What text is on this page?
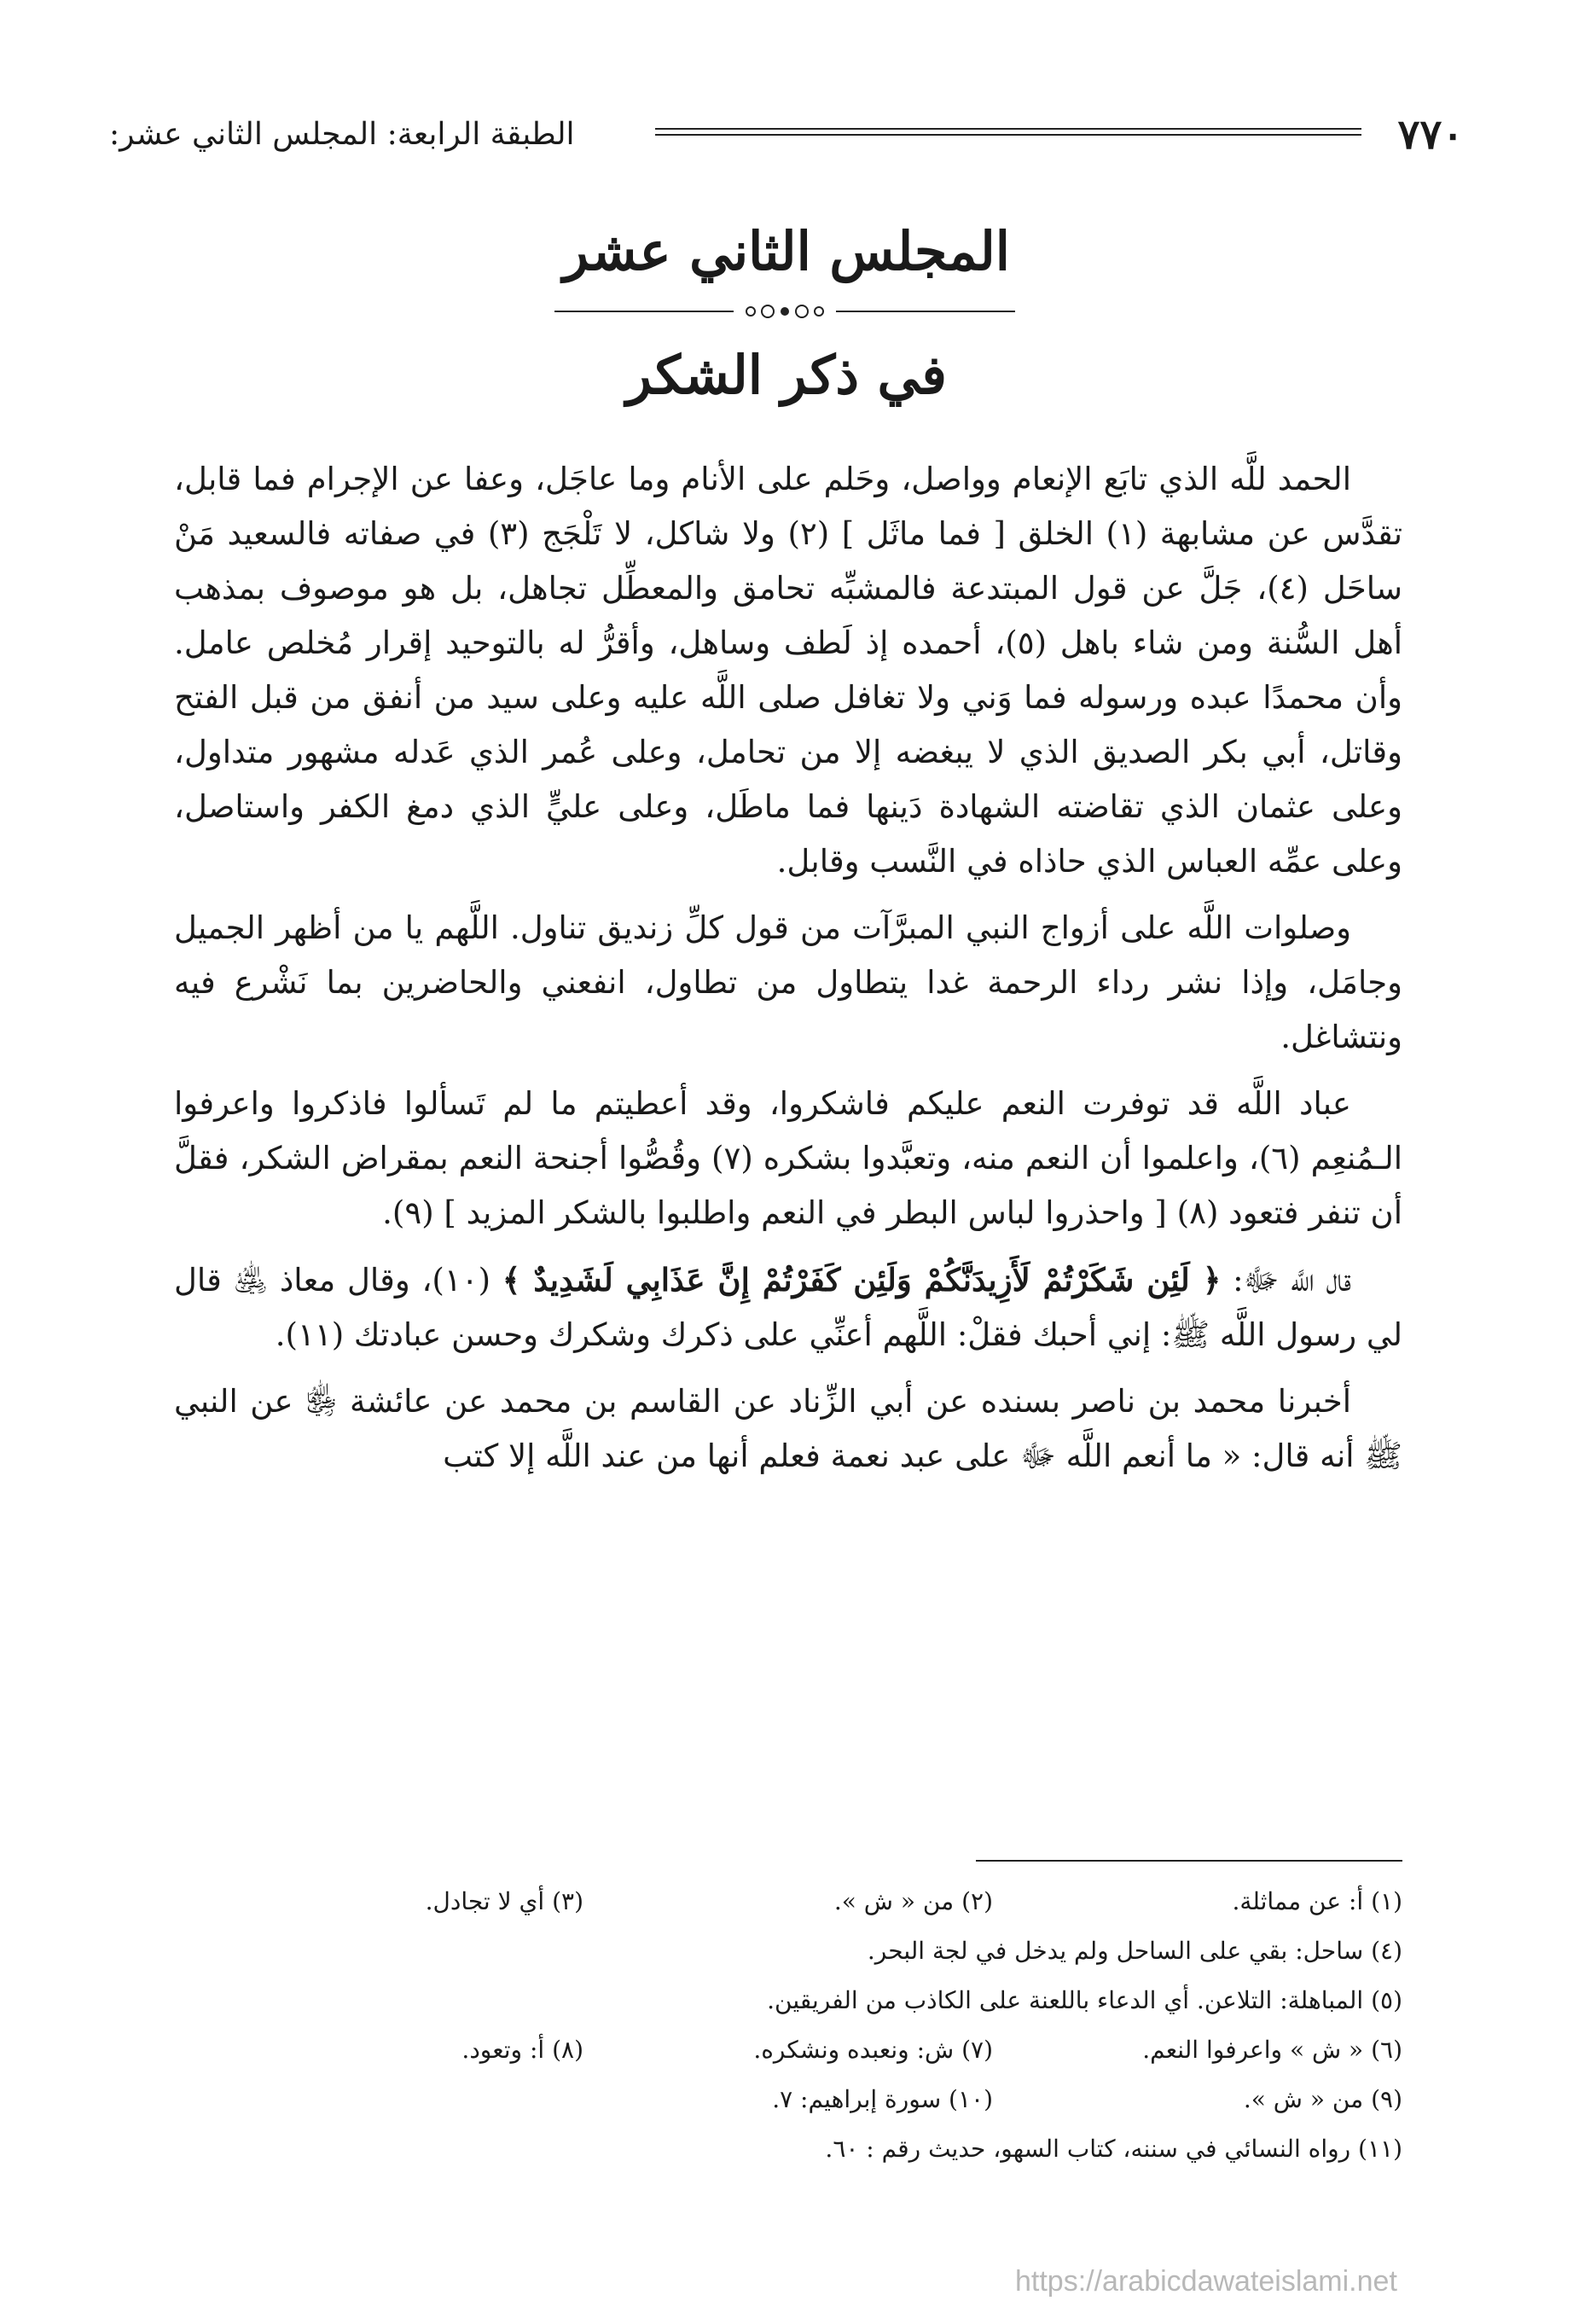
٧٧٠
الطبقة الرابعة: المجلس الثاني عشر:
المجلس الثاني عشر
في ذكر الشكر

الحمد للَّه الذي تابَع الإنعام وواصل، وحَلم على الأنام وما عاجَل، وعفا عن الإجرام فما قابل، تقدَّس عن مشابهة (١) الخلق [ فما ماثَل ] (٢) ولا شاكل، لا تَلْجَج (٣) في صفاته فالسعيد مَنْ ساحَل (٤)، جَلَّ عن قول المبتدعة فالمشبِّه تحامق والمعطِّل تجاهل، بل هو موصوف بمذهب أهل السُّنة ومن شاء باهل (٥)، أحمده إذ لَطف وساهل، وأقرُّ له بالتوحيد إقرار مُخلص عامل. وأن محمدًا عبده ورسوله فما وَني ولا تغافل صلى اللَّه عليه وعلى سيد من أنفق من قبل الفتح وقاتل، أبي بكر الصديق الذي لا يبغضه إلا من تحامل، وعلى عُمر الذي عَدله مشهور متداول، وعلى عثمان الذي تقاضته الشهادة دَينها فما ماطَل، وعلى عليٍّ الذي دمغ الكفر واستاصل، وعلى عمِّه العباس الذي حاذاه في النَّسب وقابل.

وصلوات اللَّه على أزواج النبي المبرَّآت من قول كلِّ زنديق تناول. اللَّهم يا من أظهر الجميل وجامَل، وإذا نشر رداء الرحمة غدا يتطاول من تطاول، انفعني والحاضرين بما نَشْرع فيه ونتشاغل.

عباد اللَّه قد توفرت النعم عليكم فاشكروا، وقد أعطيتم ما لم تَسألوا فاذكروا واعرفوا الـمُنعِم (٦)، واعلموا أن النعم منه، وتعبَّدوا بشكره (٧) وقُصُّوا أجنحة النعم بمقراض الشكر، فقلَّ أن تنفر فتعود (٨) [ واحذروا لباس البطر في النعم واطلبوا بالشكر المزيد ] (٩).

قال اللَّه ﷻ: ﴿ لَئِن شَكَرْتُمْ لَأَزِيدَنَّكُمْ وَلَئِن كَفَرْتُمْ إِنَّ عَذَابِي لَشَدِيدٌ ﴾ (١٠)، وقال معاذ ﵁ قال لي رسول اللَّه ﷺ: إني أحبك فقلْ: اللَّهم أعنِّي على ذكرك وشكرك وحسن عبادتك (١١).

أخبرنا محمد بن ناصر بسنده عن أبي الزِّناد عن القاسم بن محمد عن عائشة ﵂ عن النبي ﷺ أنه قال: « ما أنعم اللَّه ﷻ على عبد نعمة فعلم أنها من عند اللَّه إلا كتب

(١) أ: عن مماثلة.
(٢) من « ش ».
(٣) أي لا تجادل.
(٤) ساحل: بقي على الساحل ولم يدخل في لجة البحر.
(٥) المباهلة: التلاعن. أي الدعاء باللعنة على الكاذب من الفريقين.
(٦) « ش » واعرفوا النعم.
(٧) ش: ونعبده ونشكره.
(٨) أ: وتعود.
(٩) من « ش ».
(١٠) سورة إبراهيم: ٧.
(١١) رواه النسائي في سننه، كتاب السهو، حديث رقم : ٦٠.
https://arabicdawateislami.net
